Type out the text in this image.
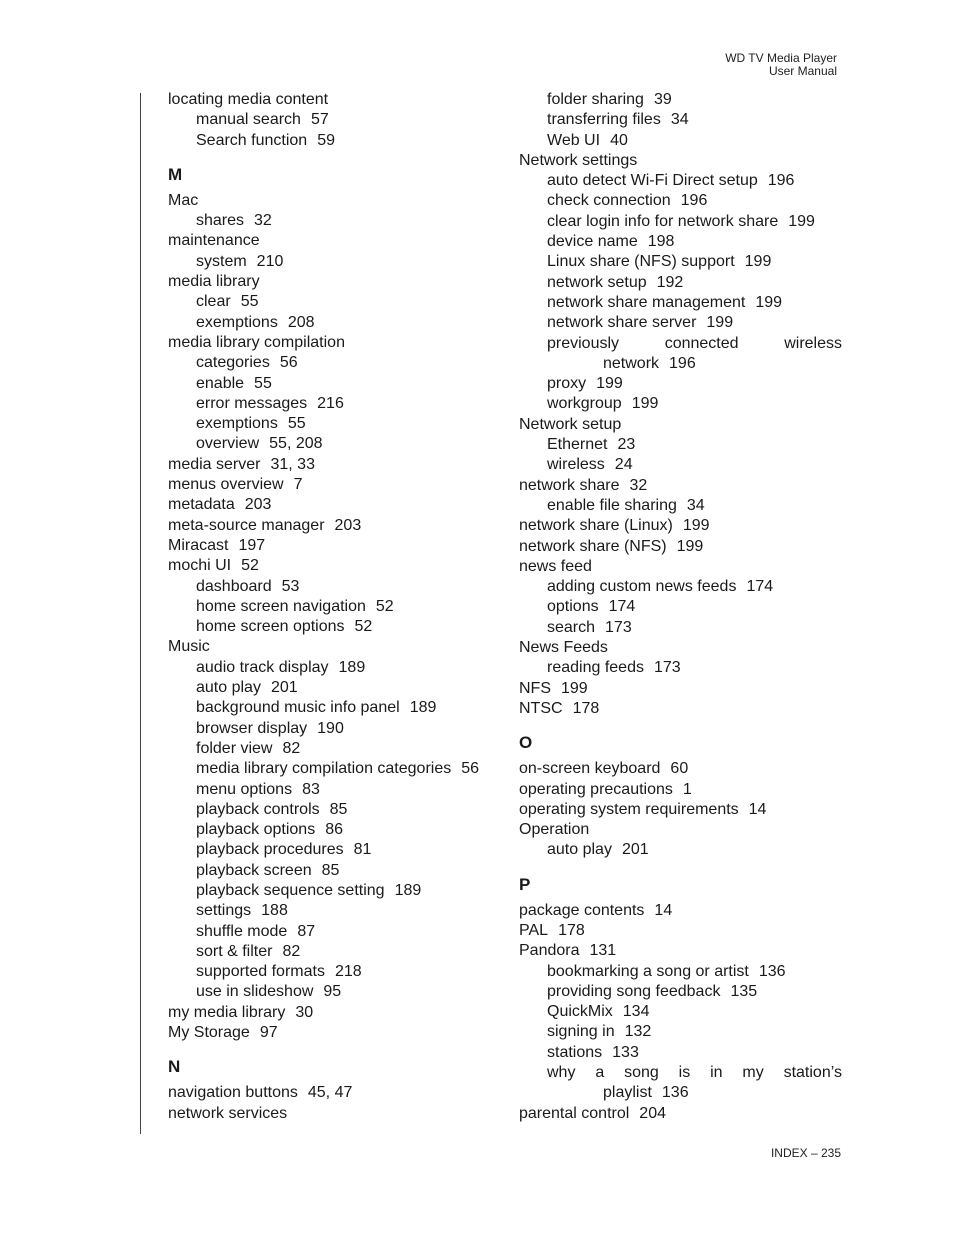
WD TV Media Player
User Manual
locating media content
manual search 57
Search function 59
M
Mac
shares 32
maintenance
system 210
media library
clear 55
exemptions 208
media library compilation
categories 56
enable 55
error messages 216
exemptions 55
overview 55, 208
media server 31, 33
menus overview 7
metadata 203
meta-source manager 203
Miracast 197
mochi UI 52
dashboard 53
home screen navigation 52
home screen options 52
Music
audio track display 189
auto play 201
background music info panel 189
browser display 190
folder view 82
media library compilation categories 56
menu options 83
playback controls 85
playback options 86
playback procedures 81
playback screen 85
playback sequence setting 189
settings 188
shuffle mode 87
sort & filter 82
supported formats 218
use in slideshow 95
my media library 30
My Storage 97
N
navigation buttons 45, 47
network services
folder sharing 39
transferring files 34
Web UI 40
Network settings
auto detect Wi-Fi Direct setup 196
check connection 196
clear login info for network share 199
device name 198
Linux share (NFS) support 199
network setup 192
network share management 199
network share server 199
previously connected wireless
network 196
proxy 199
workgroup 199
Network setup
Ethernet 23
wireless 24
network share 32
enable file sharing 34
network share (Linux) 199
network share (NFS) 199
news feed
adding custom news feeds 174
options 174
search 173
News Feeds
reading feeds 173
NFS 199
NTSC 178
O
on-screen keyboard 60
operating precautions 1
operating system requirements 14
Operation
auto play 201
P
package contents 14
PAL 178
Pandora 131
bookmarking a song or artist 136
providing song feedback 135
QuickMix 134
signing in 132
stations 133
why a song is in my station’s
playlist 136
parental control 204
INDEX – 235
